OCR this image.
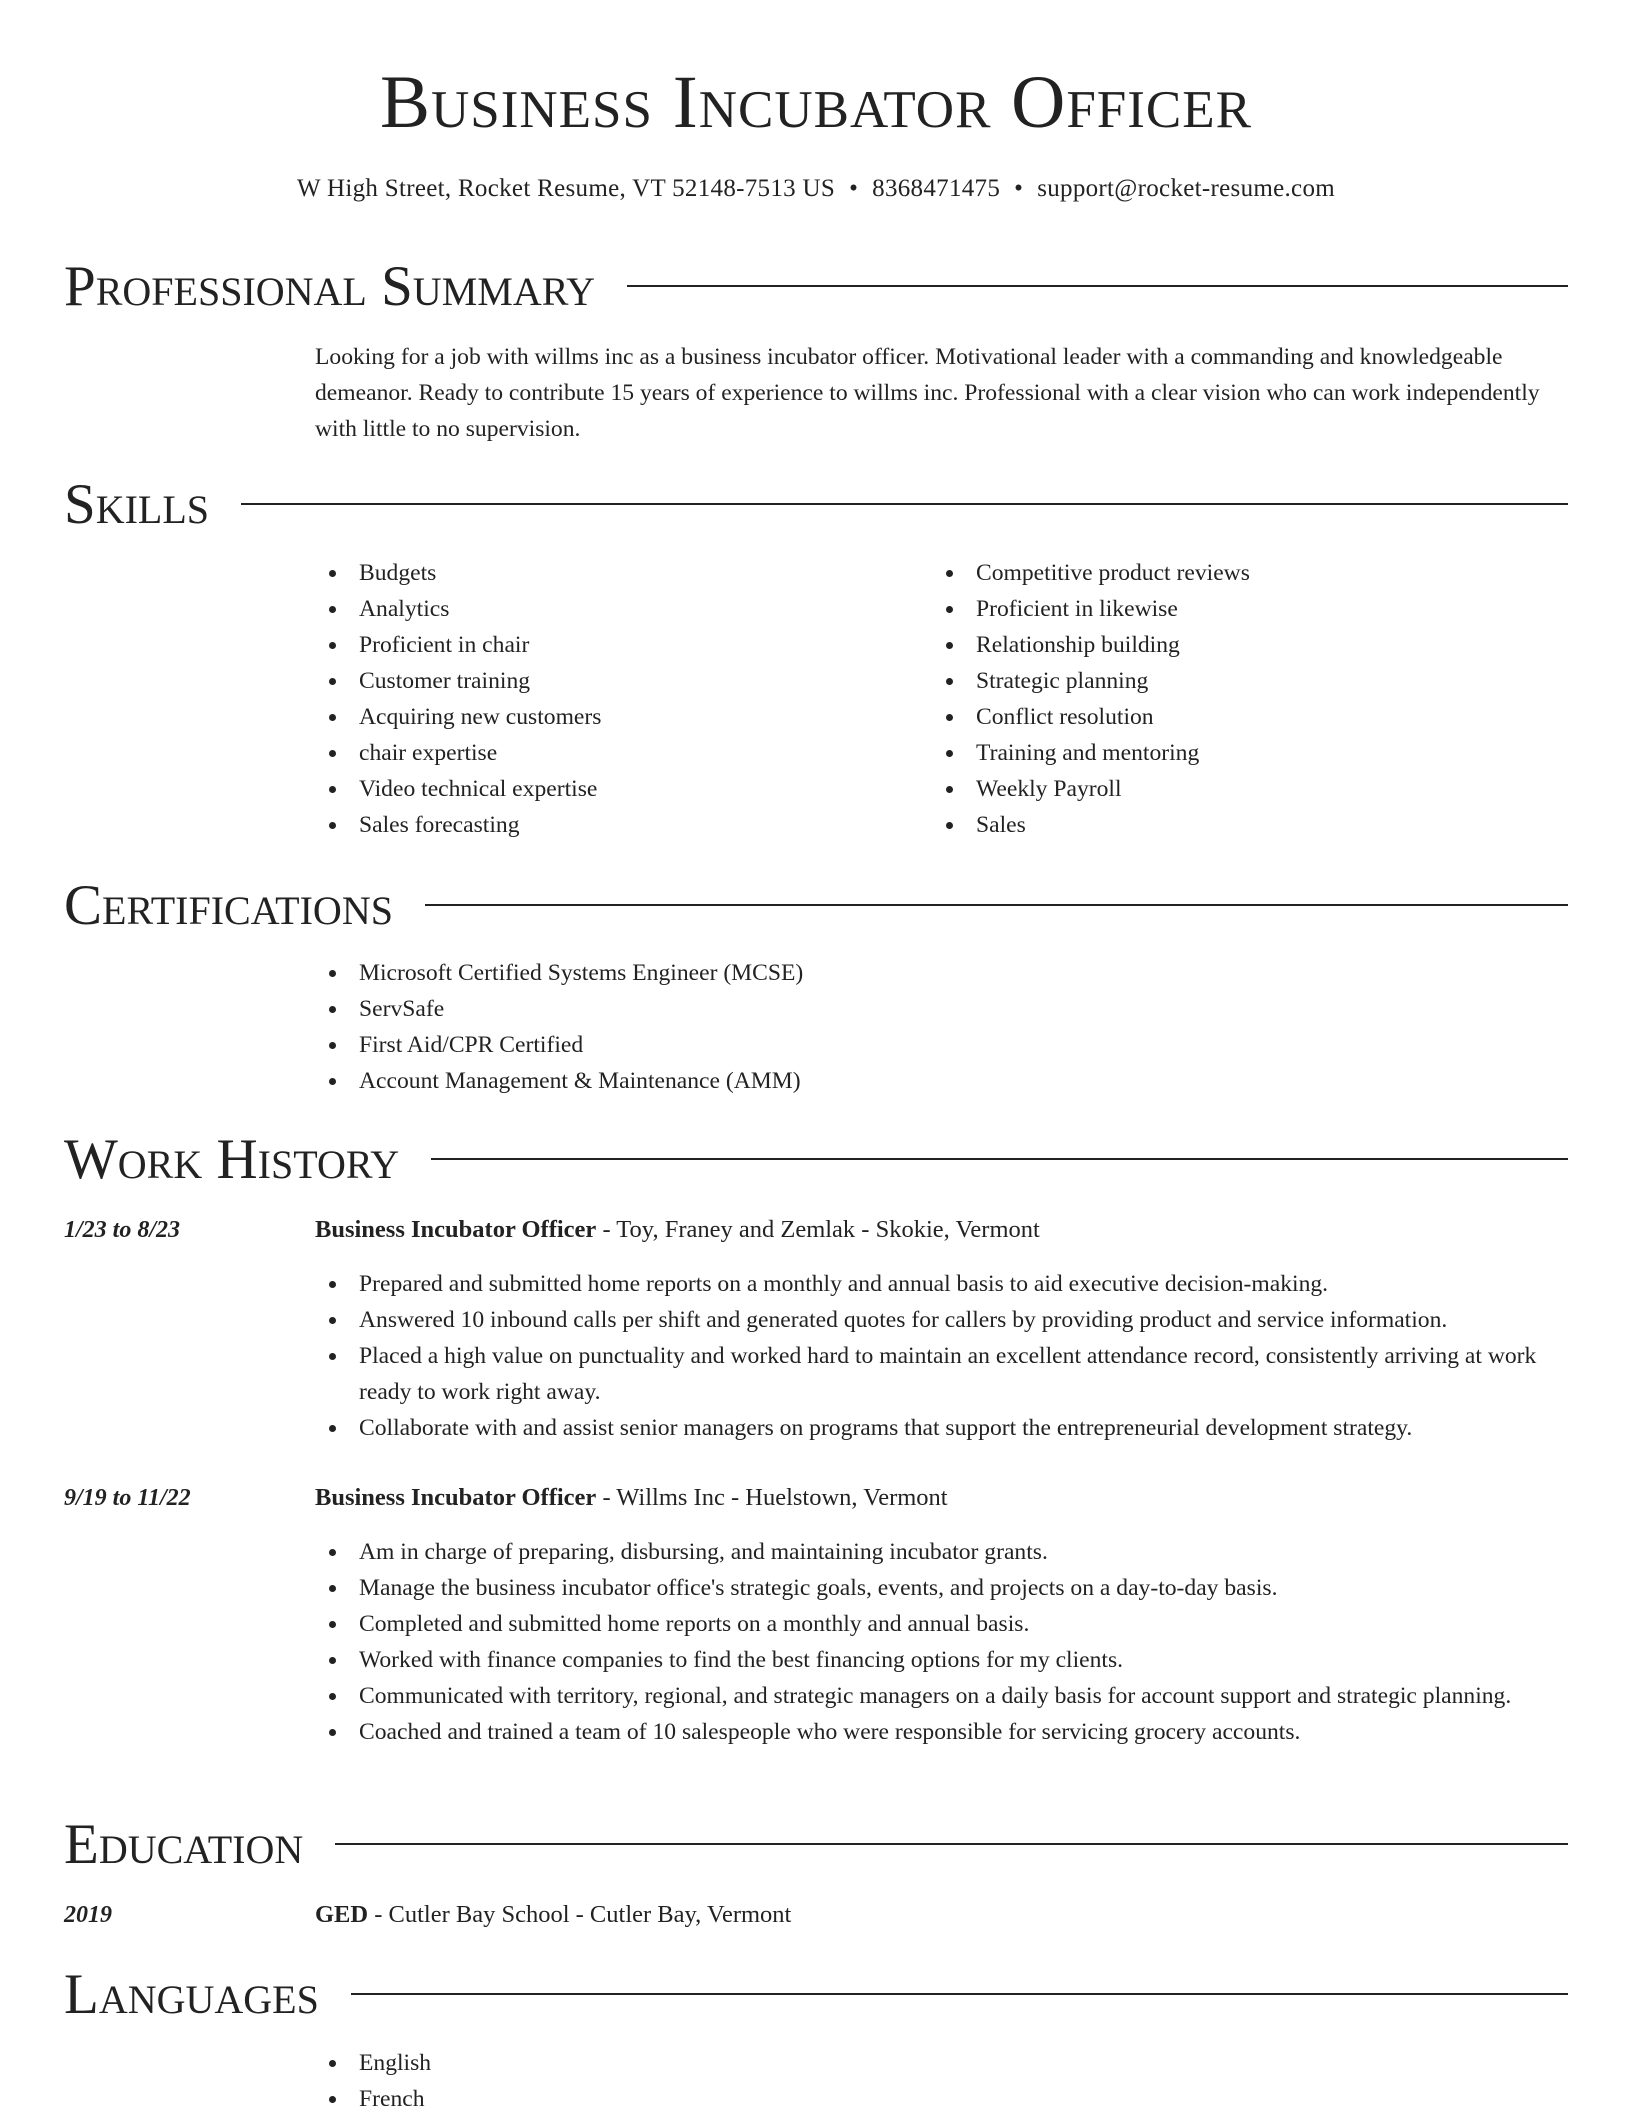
Business Incubator Officer
W High Street, Rocket Resume, VT 52148-7513 US • 8368471475 • support@rocket-resume.com
Professional Summary

Looking for a job with willms inc as a business incubator officer. Motivational leader with a commanding and knowledgeable demeanor. Ready to contribute 15 years of experience to willms inc. Professional with a clear vision who can work independently with little to no supervision.

Skills
Budgets
Analytics
Proficient in chair
Customer training
Acquiring new customers
chair expertise
Video technical expertise
Sales forecasting
Competitive product reviews
Proficient in likewise
Relationship building
Strategic planning
Conflict resolution
Training and mentoring
Weekly Payroll
Sales
Certifications
Microsoft Certified Systems Engineer (MCSE)
ServSafe
First Aid/CPR Certified
Account Management & Maintenance (AMM)
Work History
1/23 to 8/23	Business Incubator Officer - Toy, Franey and Zemlak - Skokie, Vermont
Prepared and submitted home reports on a monthly and annual basis to aid executive decision-making.
Answered 10 inbound calls per shift and generated quotes for callers by providing product and service information.
Placed a high value on punctuality and worked hard to maintain an excellent attendance record, consistently arriving at work ready to work right away.
Collaborate with and assist senior managers on programs that support the entrepreneurial development strategy.
9/19 to 11/22	Business Incubator Officer - Willms Inc - Huelstown, Vermont
Am in charge of preparing, disbursing, and maintaining incubator grants.
Manage the business incubator office's strategic goals, events, and projects on a day-to-day basis.
Completed and submitted home reports on a monthly and annual basis.
Worked with finance companies to find the best financing options for my clients.
Communicated with territory, regional, and strategic managers on a daily basis for account support and strategic planning.
Coached and trained a team of 10 salespeople who were responsible for servicing grocery accounts.
Education
2019	GED - Cutler Bay School - Cutler Bay, Vermont
Languages
English
French
